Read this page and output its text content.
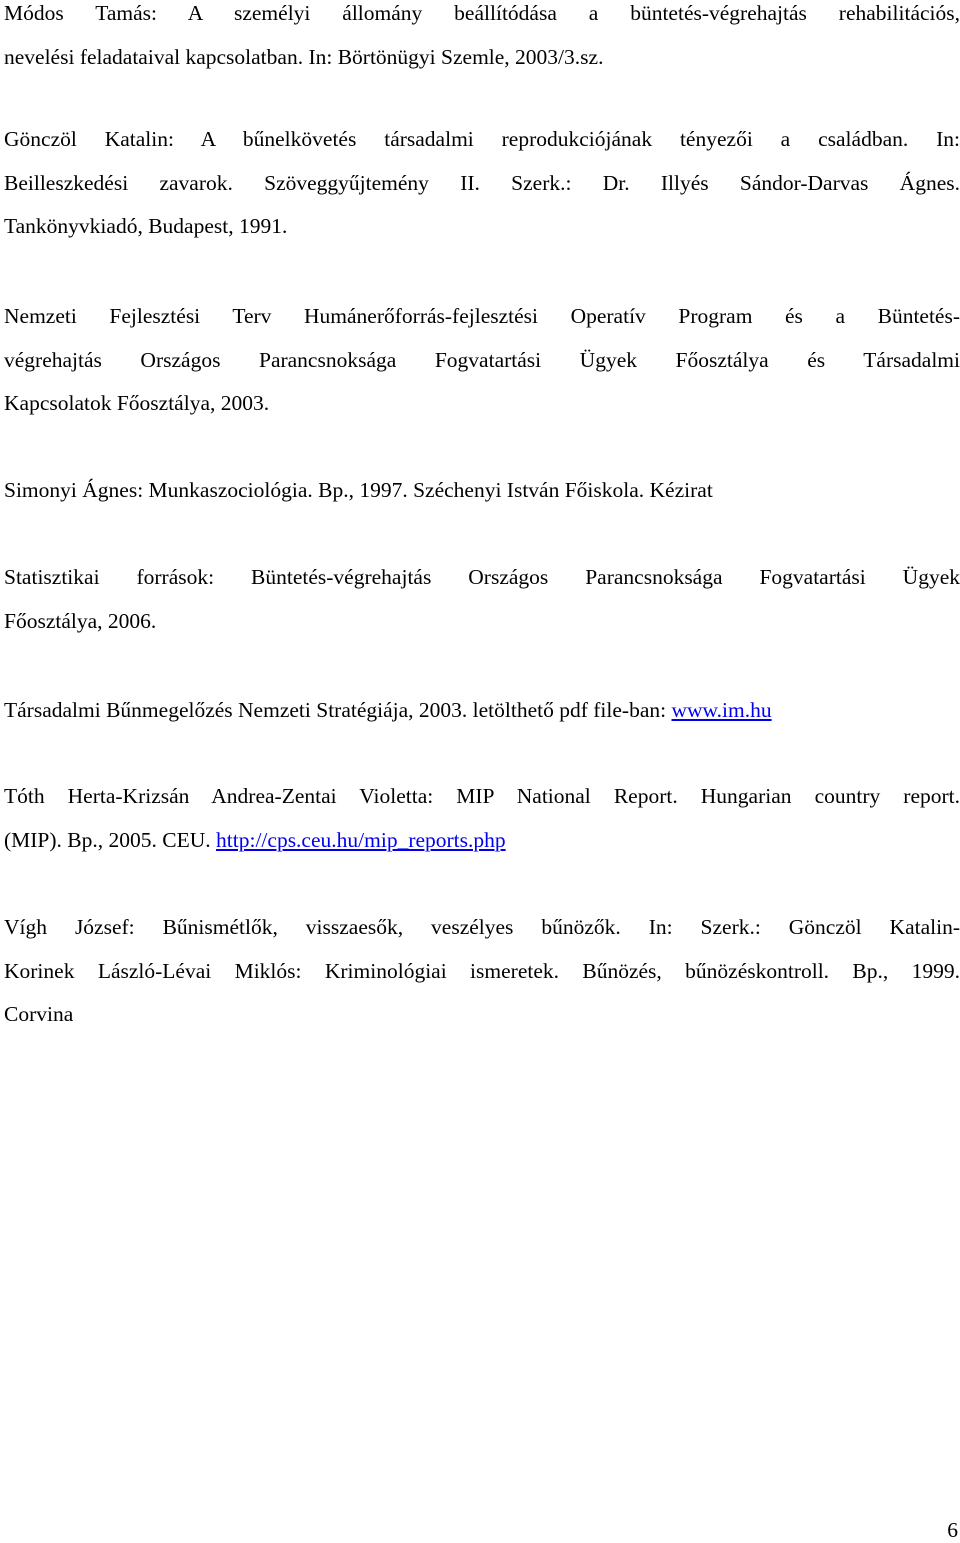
Módos Tamás: A személyi állomány beállítódása a büntetés-végrehajtás rehabilitációs,
nevelési feladataival kapcsolatban. In: Börtönügyi Szemle, 2003/3.sz.
Gönczöl Katalin: A bűnelkövetés társadalmi reprodukciójának tényezői a családban. In:
Beilleszkedési zavarok. Szöveggyűjtemény II. Szerk.: Dr. Illyés Sándor-Darvas Ágnes.
Tankönyvkiadó, Budapest, 1991.
Nemzeti Fejlesztési Terv Humánerőforrás-fejlesztési Operatív Program és a Büntetés-
végrehajtás Országos Parancsnoksága Fogvatartási Ügyek Főosztálya és Társadalmi
Kapcsolatok Főosztálya, 2003.
Simonyi Ágnes: Munkaszociológia. Bp., 1997. Széchenyi István Főiskola. Kézirat
Statisztikai források: Büntetés-végrehajtás Országos Parancsnoksága Fogvatartási Ügyek
Főosztálya, 2006.
Társadalmi Bűnmegelőzés Nemzeti Stratégiája, 2003. letölthető pdf file-ban: www.im.hu
Tóth Herta-Krizsán Andrea-Zentai Violetta: MIP National Report. Hungarian country report.
(MIP). Bp., 2005. CEU. http://cps.ceu.hu/mip_reports.php
Vígh József: Bűnismétlők, visszaesők, veszélyes bűnözők. In: Szerk.: Gönczöl Katalin-
Korinek László-Lévai Miklós: Kriminológiai ismeretek. Bűnözés, bűnözéskontroll. Bp., 1999.
Corvina
6
